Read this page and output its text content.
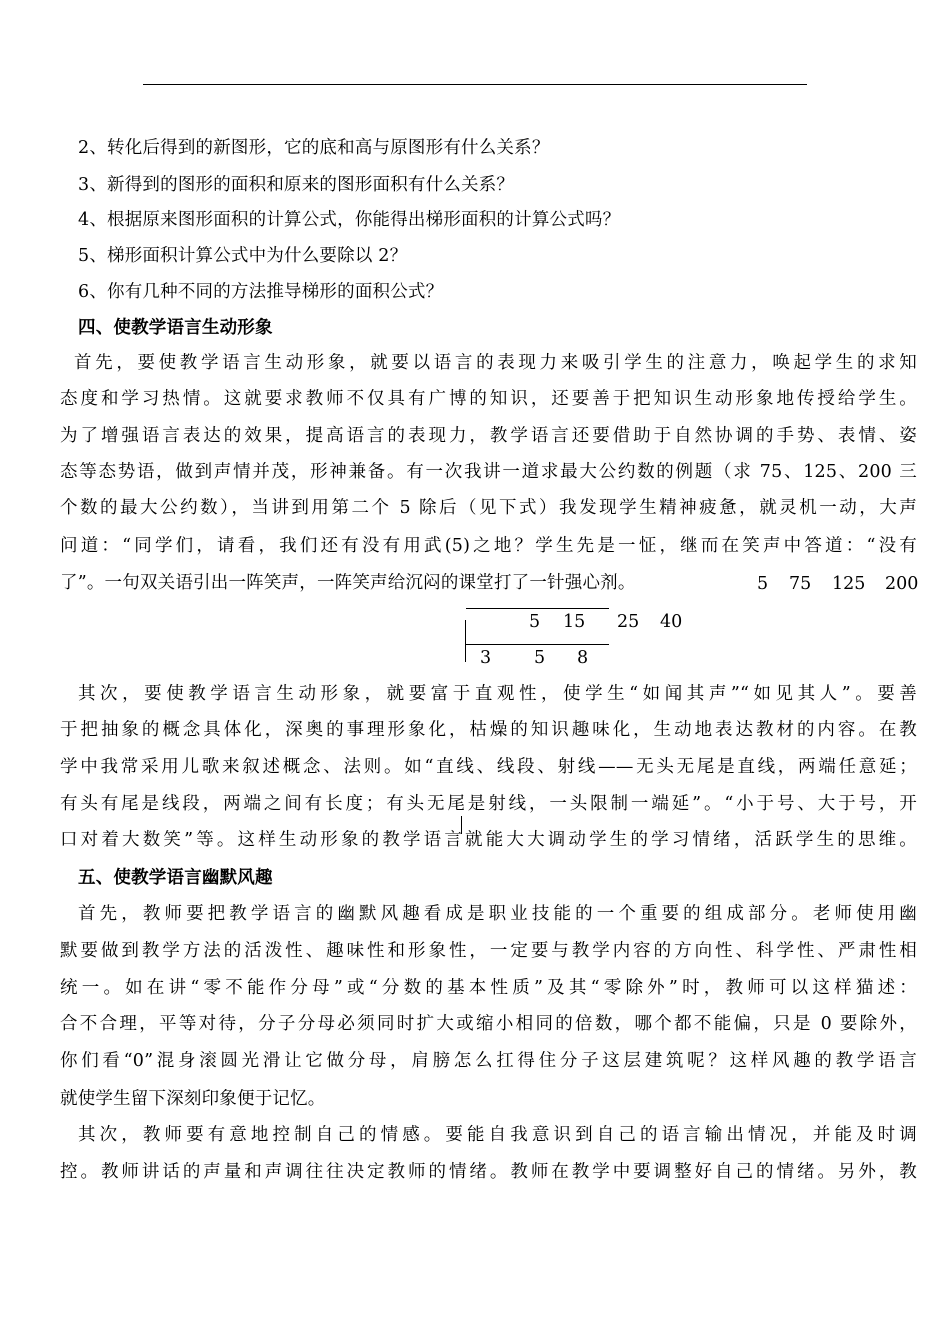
2、转化后得到的新图形，它的底和高与原图形有什么关系？
3、新得到的图形的面积和原来的图形面积有什么关系？
4、根据原来图形面积的计算公式，你能得出梯形面积的计算公式吗？
5、梯形面积计算公式中为什么要除以 2？
6、你有几种不同的方法推导梯形的面积公式？
四、使教学语言生动形象
首先，要使教学语言生动形象，就要以语言的表现力来吸引学生的注意力，唤起学生的求知
态度和学习热情。这就要求教师不仅具有广博的知识，还要善于把知识生动形象地传授给学生。
为了增强语言表达的效果，提高语言的表现力，教学语言还要借助于自然协调的手势、表情、姿
态等态势语，做到声情并茂，形神兼备。有一次我讲一道求最大公约数的例题（求 75、125、200 三
个数的最大公约数），当讲到用第二个 5 除后（见下式）我发现学生精神疲惫，就灵机一动，大声
问道：“同学们，请看，我们还有没有用武(5)之地？学生先是一怔，继而在笑声中答道：“没有
了”。一句双关语引出一阵笑声，一阵笑声给沉闷的课堂打了一针强心剂。	5 75 125 200
5 15 25 40
3 5 8
其次，要使教学语言生动形象，就要富于直观性，使学生“如闻其声”“如见其人”。要善
于把抽象的概念具体化，深奥的事理形象化，枯燥的知识趣味化，生动地表达教材的内容。在教
学中我常采用儿歌来叙述概念、法则。如“直线、线段、射线——无头无尾是直线，两端任意延；
有头有尾是线段，两端之间有长度；有头无尾是射线，一头限制一端延”。“小于号、大于号，开
口对着大数笑”等。这样生动形象的教学语言就能大大调动学生的学习情绪，活跃学生的思维。
五、使教学语言幽默风趣
首先，教师要把教学语言的幽默风趣看成是职业技能的一个重要的组成部分。老师使用幽
默要做到教学方法的活泼性、趣味性和形象性，一定要与教学内容的方向性、科学性、严肃性相
统一。如在讲“零不能作分母”或“分数的基本性质”及其“零除外”时，教师可以这样猫述：
合不合理，平等对待，分子分母必须同时扩大或缩小相同的倍数，哪个都不能偏，只是 0 要除外，
你们看“0”混身滚圆光滑让它做分母，肩膀怎么扛得住分子这层建筑呢？这样风趣的教学语言
就使学生留下深刻印象便于记忆。
其次，教师要有意地控制自己的情感。要能自我意识到自己的语言输出情况，并能及时调
控。教师讲话的声量和声调往往决定教师的情绪。教师在教学中要调整好自己的情绪。另外，教
